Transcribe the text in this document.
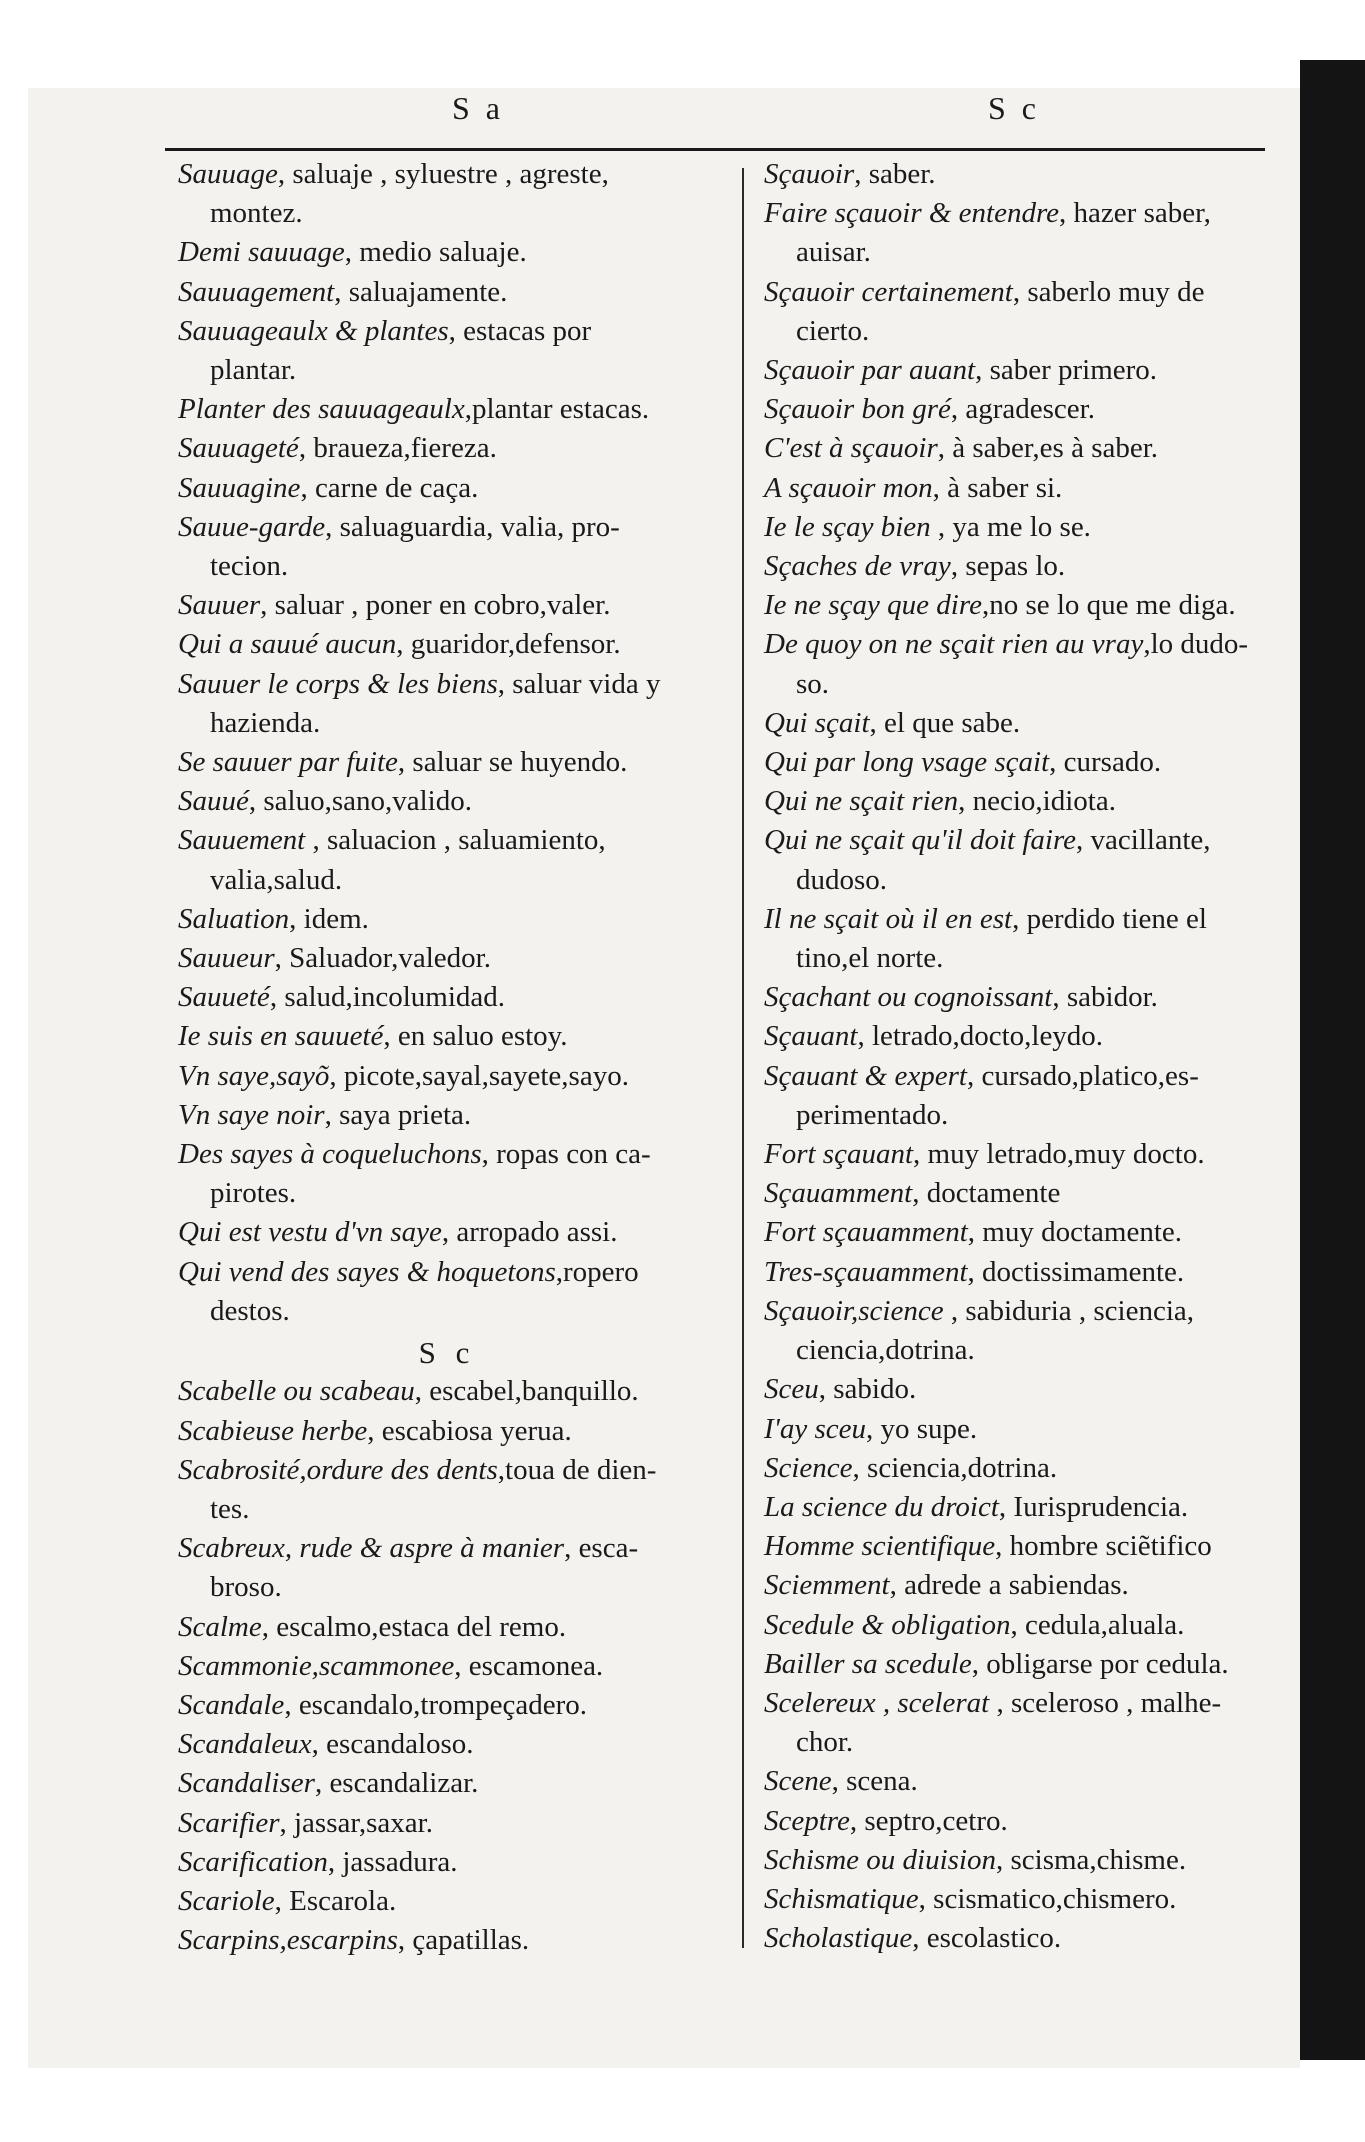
S a	S c
Sauuage, saluaje , syluestre , agreste,
montez.
Demi sauuage, medio saluaje.
Sauuagement, saluajamente.
Sauuageaulx & plantes, estacas por
plantar.
Planter des sauuageaulx,plantar estacas.
Sauuageté, braueza,fiereza.
Sauuagine, carne de caça.
Sauue-garde, saluaguardia, valia, pro-
tecion.
Sauuer, saluar , poner en cobro,valer.
Qui a sauué aucun, guaridor,defensor.
Sauuer le corps & les biens, saluar vida y
hazienda.
Se sauuer par fuite, saluar se huyendo.
Sauué, saluo,sano,valido.
Sauuement , saluacion , saluamiento,
valia,salud.
Saluation, idem.
Sauueur, Saluador,valedor.
Sauueté, salud,incolumidad.
Ie suis en sauueté, en saluo estoy.
Vn saye,sayõ, picote,sayal,sayete,sayo.
Vn saye noir, saya prieta.
Des sayes à coqueluchons, ropas con ca-
pirotes.
Qui est vestu d'vn saye, arropado assi.
Qui vend des sayes & hoquetons,ropero
destos.
S c
Scabelle ou scabeau, escabel,banquillo.
Scabieuse herbe, escabiosa yerua.
Scabrosité,ordure des dents,toua de dien-
tes.
Scabreux, rude & aspre à manier, esca-
broso.
Scalme, escalmo,estaca del remo.
Scammonie,scammonee, escamonea.
Scandale, escandalo,trompeçadero.
Scandaleux, escandaloso.
Scandaliser, escandalizar.
Scarifier, jassar,saxar.
Scarification, jassadura.
Scariole, Escarola.
Scarpins,escarpins, çapatillas.
Sçauoir, saber.
Faire sçauoir & entendre, hazer saber,
auisar.
Sçauoir certainement, saberlo muy de
cierto.
Sçauoir par auant, saber primero.
Sçauoir bon gré, agradescer.
C'est à sçauoir, à saber,es à saber.
A sçauoir mon, à saber si.
Ie le sçay bien , ya me lo se.
Sçaches de vray, sepas lo.
Ie ne sçay que dire,no se lo que me diga.
De quoy on ne sçait rien au vray,lo dudo-
so.
Qui sçait, el que sabe.
Qui par long vsage sçait, cursado.
Qui ne sçait rien, necio,idiota.
Qui ne sçait qu'il doit faire, vacillante,
dudoso.
Il ne sçait où il en est, perdido tiene el
tino,el norte.
Sçachant ou cognoissant, sabidor.
Sçauant, letrado,docto,leydo.
Sçauant & expert, cursado,platico,es-
perimentado.
Fort sçauant, muy letrado,muy docto.
Sçauamment, doctamente
Fort sçauamment, muy doctamente.
Tres-sçauamment, doctissimamente.
Sçauoir,science , sabiduria , sciencia,
ciencia,dotrina.
Sceu, sabido.
I'ay sceu, yo supe.
Science, sciencia,dotrina.
La science du droict, Iurisprudencia.
Homme scientifique, hombre sciẽtifico
Sciemment, adrede a sabiendas.
Scedule & obligation, cedula,aluala.
Bailler sa scedule, obligarse por cedula.
Scelereux , scelerat , sceleroso , malhe-
chor.
Scene, scena.
Sceptre, septro,cetro.
Schisme ou diuision, scisma,chisme.
Schismatique, scismatico,chismero.
Scholastique, escolastico.
